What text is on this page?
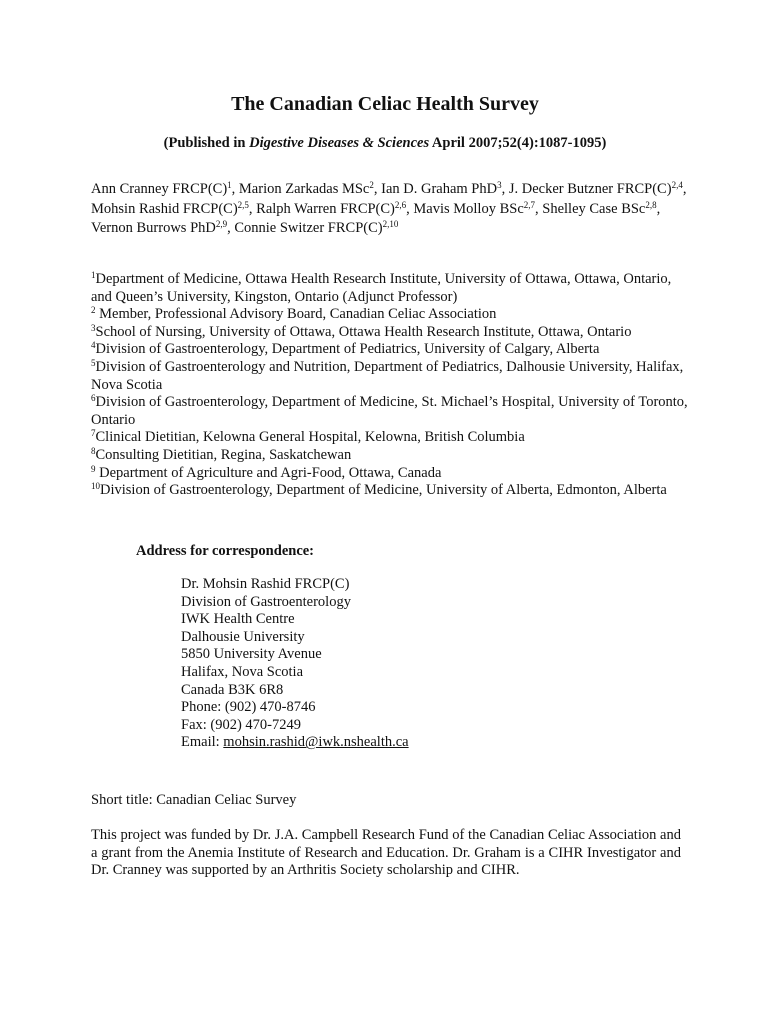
The Canadian Celiac Health Survey
(Published in Digestive Diseases & Sciences April 2007;52(4):1087-1095)
Ann Cranney $FRCP(C)^1$, Marion Zarkadas MSc$^2$, Ian D. Graham PhD$^3$, J. Decker Butzner $FRCP(C)^{2,4}$, Mohsin Rashid $FRCP(C)^{2,5}$, Ralph Warren $FRCP(C)^{2,6}$, Mavis Molloy BSc$^{2,7}$, Shelley Case BSc$^{2,8}$, Vernon Burrows PhD$^{2,9}$, Connie Switzer $FRCP(C)^{2,10}$
$^1$Department of Medicine, Ottawa Health Research Institute, University of Ottawa, Ottawa, Ontario, and Queen’s University, Kingston, Ontario (Adjunct Professor)
$^2$ Member, Professional Advisory Board, Canadian Celiac Association
$^3$School of Nursing, University of Ottawa, Ottawa Health Research Institute, Ottawa, Ontario
$^4$Division of Gastroenterology, Department of Pediatrics, University of Calgary, Alberta
$^5$Division of Gastroenterology and Nutrition, Department of Pediatrics, Dalhousie University, Halifax, Nova Scotia
$^6$Division of Gastroenterology, Department of Medicine, St. Michael’s Hospital, University of Toronto, Ontario
$^7$Clinical Dietitian, Kelowna General Hospital, Kelowna, British Columbia
$^8$Consulting Dietitian, Regina, Saskatchewan
$^9$ Department of Agriculture and Agri-Food, Ottawa, Canada
$^{10}$Division of Gastroenterology, Department of Medicine, University of Alberta, Edmonton, Alberta
Address for correspondence:
Dr. Mohsin Rashid FRCP(C)
Division of Gastroenterology
IWK Health Centre
Dalhousie University
5850 University Avenue
Halifax, Nova Scotia
Canada B3K 6R8
Phone: (902) 470-8746
Fax: (902) 470-7249
Email: mohsin.rashid@iwk.nshealth.ca
Short title: Canadian Celiac Survey
This project was funded by Dr. J.A. Campbell Research Fund of the Canadian Celiac Association and a grant from the Anemia Institute of Research and Education. Dr. Graham is a CIHR Investigator and Dr. Cranney was supported by an Arthritis Society scholarship and CIHR.
